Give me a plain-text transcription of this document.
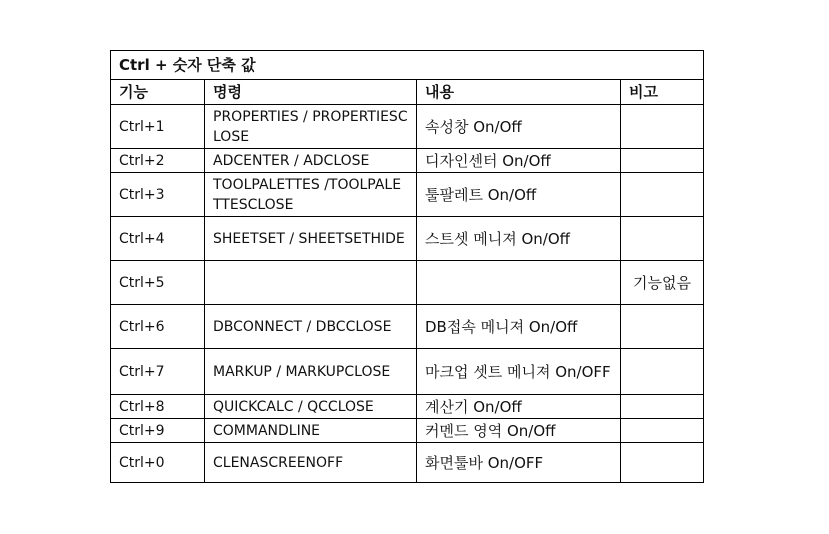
Ctrl + 숫자 단축 값			
기능	명령	내용	비고
Ctrl+1	PROPERTIES / PROPERTIESCLOSE	속성창 On/Off	
Ctrl+2	ADCENTER / ADCLOSE	디자인센터 On/Off	
Ctrl+3	TOOLPALETTES /TOOLPALETTESCLOSE	툴팔레트 On/Off	
Ctrl+4	SHEETSET / SHEETSETHIDE	스트셋 메니져 On/Off	
Ctrl+5			기능없음
Ctrl+6	DBCONNECT / DBCCLOSE	DB접속 메니져 On/Off	
Ctrl+7	MARKUP / MARKUPCLOSE	마크업 셋트 메니져 On/OFF	
Ctrl+8	QUICKCALC / QCCLOSE	계산기 On/Off	
Ctrl+9	COMMANDLINE	커멘드 영역 On/Off	
Ctrl+0	CLENASCREENOFF	화면툴바 On/OFF	
